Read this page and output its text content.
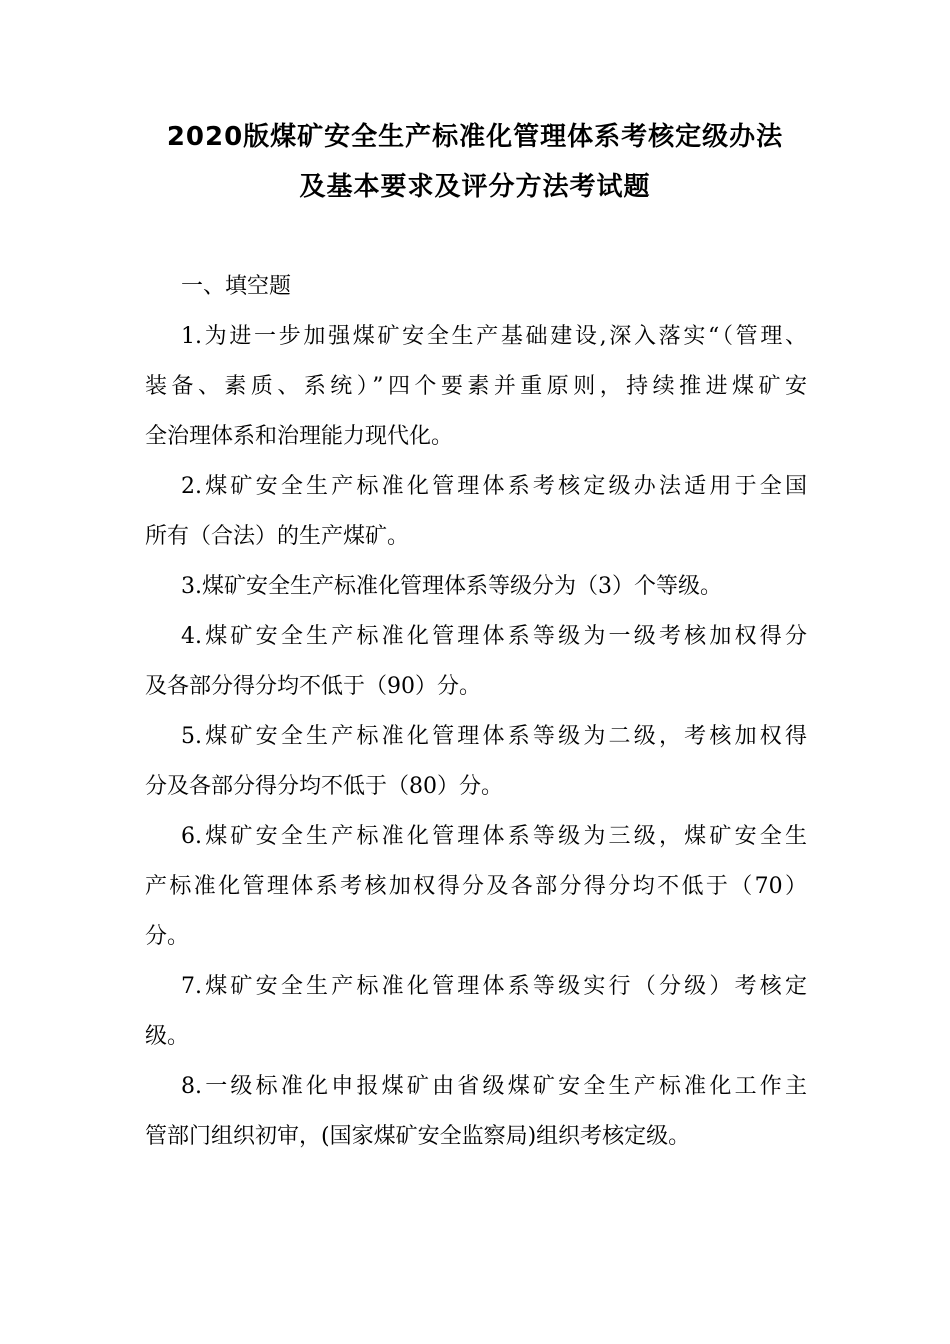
2020版煤矿安全生产标准化管理体系考核定级办法
及基本要求及评分方法考试题
一、填空题
1.为进一步加强煤矿安全生产基础建设,深入落实“（管理、
装备、素质、系统）”四个要素并重原则，持续推进煤矿安
全治理体系和治理能力现代化。
2.煤矿安全生产标准化管理体系考核定级办法适用于全国
所有（合法）的生产煤矿。
3.煤矿安全生产标准化管理体系等级分为（3）个等级。
4.煤矿安全生产标准化管理体系等级为一级考核加权得分
及各部分得分均不低于（90）分。
5.煤矿安全生产标准化管理体系等级为二级，考核加权得
分及各部分得分均不低于（80）分。
6.煤矿安全生产标准化管理体系等级为三级，煤矿安全生
产标准化管理体系考核加权得分及各部分得分均不低于（70）
分。
7.煤矿安全生产标准化管理体系等级实行（分级）考核定
级。
8.一级标准化申报煤矿由省级煤矿安全生产标准化工作主
管部门组织初审，(国家煤矿安全监察局)组织考核定级。
